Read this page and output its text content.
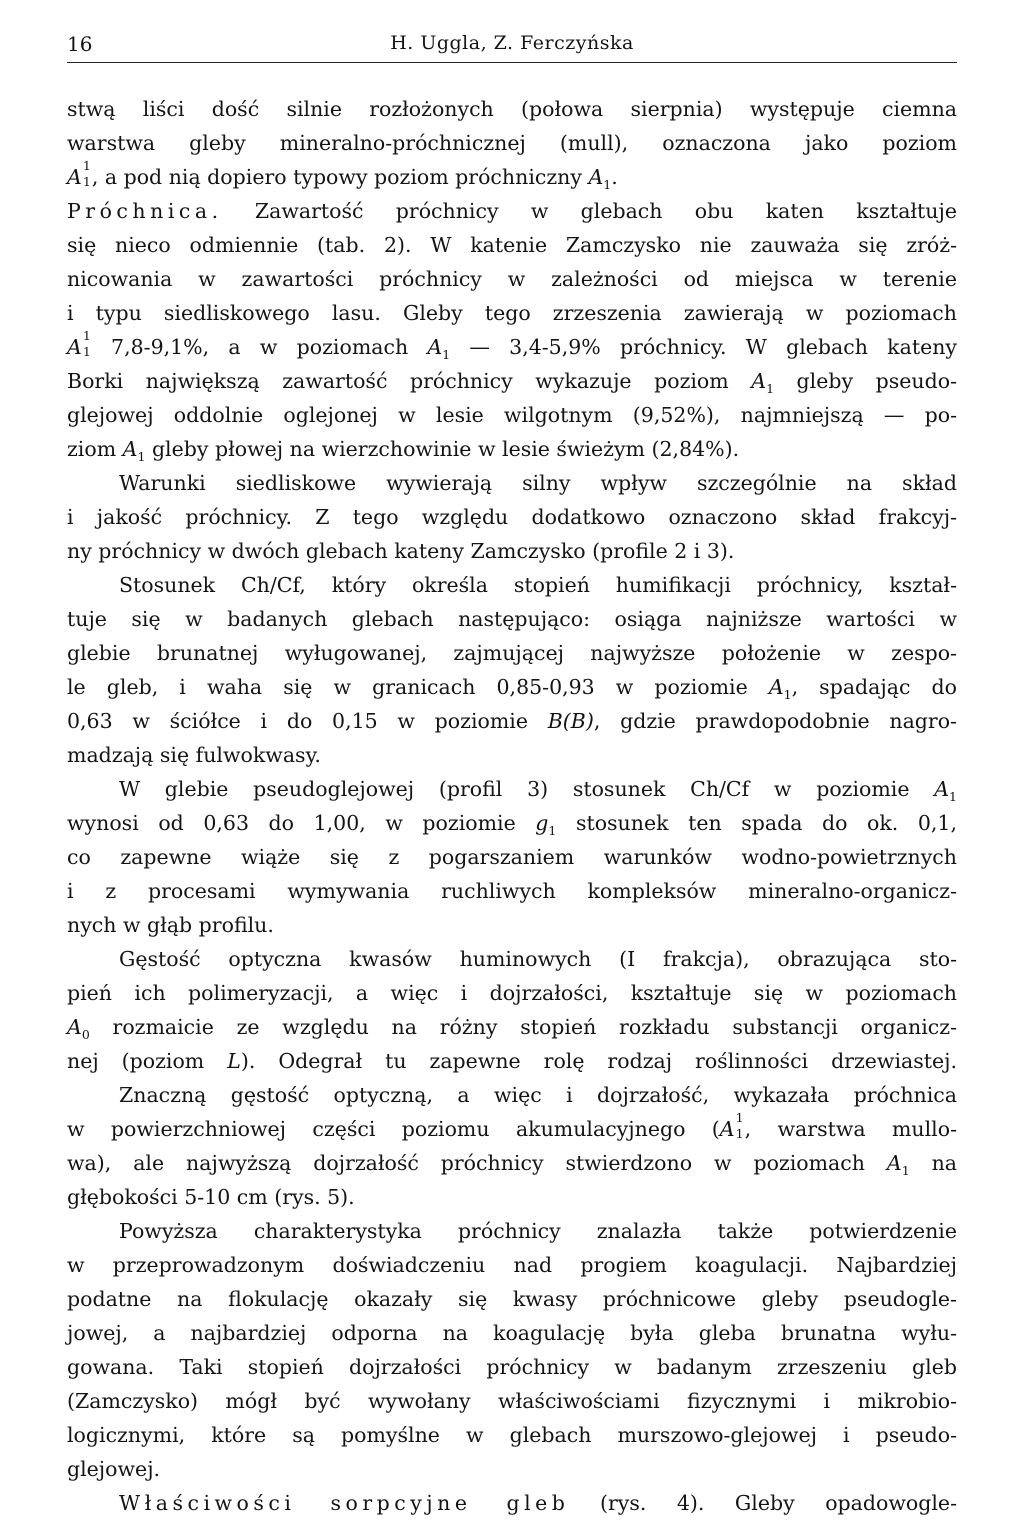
16	H. Uggla, Z. Ferczyńska
stwą liści dość silnie rozłożonych (połowa sierpnia) występuje ciemna
warstwa gleby mineralno-próchnicznej (mull), oznaczona jako poziom
A 1
1 , a pod nią dopiero typowy poziom próchniczny $A_1$.
Próchnica. Zawartość próchnicy w glebach obu katen kształtuje
się nieco odmiennie (tab. 2). W katenie Zamczysko nie zauważa się zróż-
nicowania w zawartości próchnicy w zależności od miejsca w terenie
i typu siedliskowego lasu. Gleby tego zrzeszenia zawierają w poziomach
A 1
1 7,8-9,1%, a w poziomach $A_1$ — 3,4-5,9% próchnicy. W glebach kateny
Borki największą zawartość próchnicy wykazuje poziom $A_1$ gleby pseudo-
glejowej oddolnie oglejonej w lesie wilgotnym (9,52%), najmniejszą — po-
ziom $A_1$ gleby płowej na wierzchowinie w lesie świeżym (2,84%).
Warunki siedliskowe wywierają silny wpływ szczególnie na skład
i jakość próchnicy. Z tego względu dodatkowo oznaczono skład frakcyj-
ny próchnicy w dwóch glebach kateny Zamczysko (profile 2 i 3).
Stosunek Ch/Cf, który określa stopień humifikacji próchnicy, kształ-
tuje się w badanych glebach następująco: osiąga najniższe wartości w
glebie brunatnej wyługowanej, zajmującej najwyższe położenie w zespo-
le gleb, i waha się w granicach 0,85-0,93 w poziomie $A_1$, spadając do
0,63 w ściółce i do 0,15 w poziomie B(B), gdzie prawdopodobnie nagro-
madzają się fulwokwasy.
W glebie pseudoglejowej (profil 3) stosunek Ch/Cf w poziomie $A_1$
wynosi od 0,63 do 1,00, w poziomie $g_1$ stosunek ten spada do ok. 0,1,
co zapewne wiąże się z pogarszaniem warunków wodno-powietrznych
i z procesami wymywania ruchliwych kompleksów mineralno-organicz-
nych w głąb profilu.
Gęstość optyczna kwasów huminowych (I frakcja), obrazująca sto-
pień ich polimeryzacji, a więc i dojrzałości, kształtuje się w poziomach
$A_0$ rozmaicie ze względu na różny stopień rozkładu substancji organicz-
nej (poziom L). Odegrał tu zapewne rolę rodzaj roślinności drzewiastej.
Znaczną gęstość optyczną, a więc i dojrzałość, wykazała próchnica
w powierzchniowej części poziomu akumulacyjnego (A 1
1 , warstwa mullo-
wa), ale najwyższą dojrzałość próchnicy stwierdzono w poziomach $A_1$ na
głębokości 5-10 cm (rys. 5).
Powyższa charakterystyka próchnicy znalazła także potwierdzenie
w przeprowadzonym doświadczeniu nad progiem koagulacji. Najbardziej
podatne na flokulację okazały się kwasy próchnicowe gleby pseudogle-
jowej, a najbardziej odporna na koagulację była gleba brunatna wyłu-
gowana. Taki stopień dojrzałości próchnicy w badanym zrzeszeniu gleb
(Zamczysko) mógł być wywołany właściwościami fizycznymi i mikrobio-
logicznymi, które są pomyślne w glebach murszowo-glejowej i pseudo-
glejowej.
Właściwości sorpcyjne gleb (rys. 4). Gleby opadowogle-
